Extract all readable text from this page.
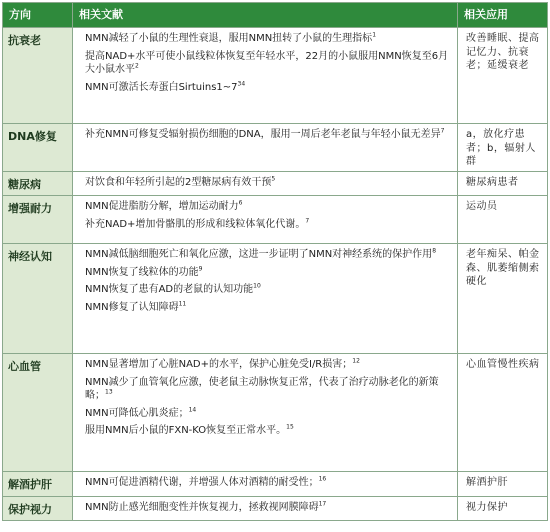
方向	相关文献	相关应用
抗衰老	NMN减轻了小鼠的生理性衰退，服用NMN扭转了小鼠的生理指标$^1$
提高NAD+水平可使小鼠线粒体恢复至年轻水平，22月的小鼠服用NMN恢复至6月大小鼠水平$^2$
NMN可激活长寿蛋白$Sirtuins1\sim 7^{34}$	改善睡眠、提高记忆力、抗衰老；延缓衰老
DNA修复	补充NMN可修复受辐射损伤细胞的DNA，服用一周后老年老鼠与年轻小鼠无差异$^7$	a，放化疗患者；b，辐射人群
糖尿病	对饮食和年轻所引起的2型糖尿病有效干预$^5$	糖尿病患者
增强耐力	NMN促进脂肪分解，增加运动耐力$^6$
补充NAD+增加骨骼肌的形成和线粒体氧化代谢。$^7$	运动员
神经认知	NMN减低脑细胞死亡和氧化应激，这进一步证明了NMN对神经系统的保护作用$^8$
NMN恢复了线粒体的功能$^9$
NMN恢复了患有AD的老鼠的认知功能$^{10}$
NMN修复了认知障碍$^{11}$	老年痴呆、帕金森、肌萎缩侧索硬化
心血管	NMN显著增加了心脏NAD+的水平，保护心脏免受I/R损害；$^{12}$
NMN减少了血管氧化应激，使老鼠主动脉恢复正常，代表了治疗动脉老化的新策略；$^{13}$
NMN可降低心肌炎症；$^{14}$
服用NMN后小鼠的FXN-KO恢复至正常水平。$^{15}$	心血管慢性疾病
解酒护肝	NMN可促进酒精代谢，并增强人体对酒精的耐受性；$^{16}$	解酒护肝
保护视力	NMN防止感光细胞变性并恢复视力，拯救视网膜障碍$^{17}$	视力保护
